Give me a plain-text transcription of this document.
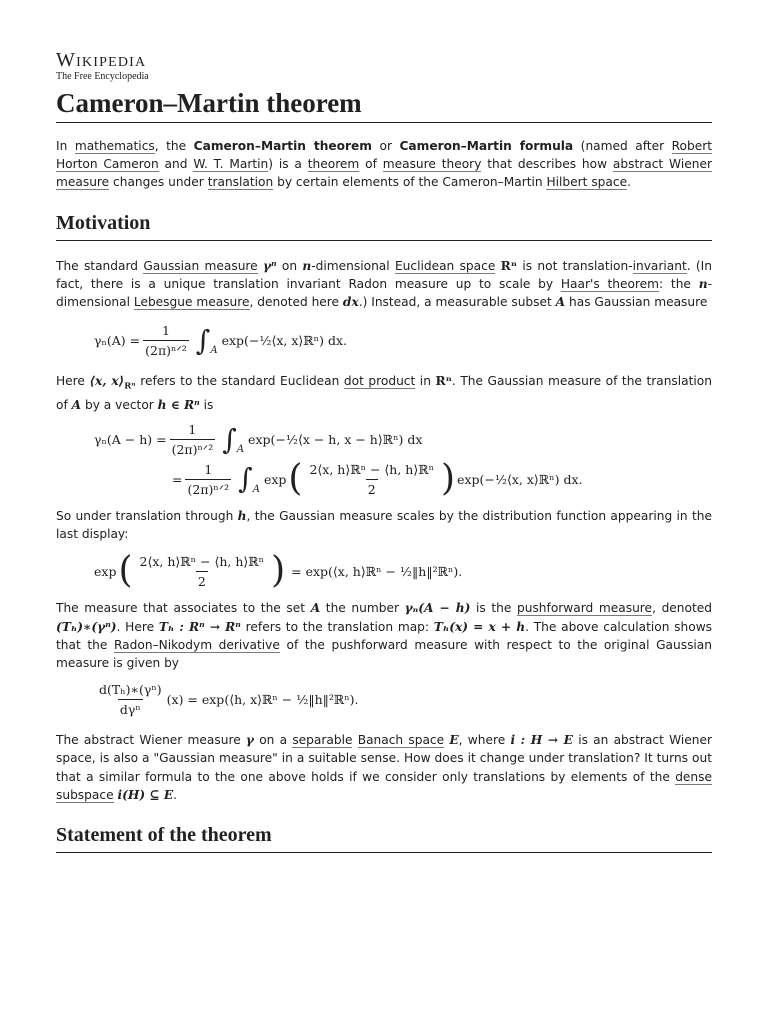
Wikipedia
The Free Encyclopedia
Cameron–Martin theorem

In mathematics, the Cameron–Martin theorem or Cameron–Martin formula (named after Robert Horton Cameron and W. T. Martin) is a theorem of measure theory that describes how abstract Wiener measure changes under translation by certain elements of the Cameron–Martin Hilbert space.

Motivation

The standard Gaussian measure γⁿ on n-dimensional Euclidean space Rⁿ is not translation-invariant. (In fact, there is a unique translation invariant Radon measure up to scale by Haar's theorem: the n-dimensional Lebesgue measure, denoted here dx.) Instead, a measurable subset A has Gaussian measure

$\gamma_n(A) = \frac{1}{\text{(2π)ⁿᐟ²}}$ ∫ A
exp(−½⟨x, x⟩ℝⁿ) dx.

Here ⟨x, $x⟩_{R^n}$ refers to the standard Euclidean dot product in Rⁿ. The Gaussian measure of the translation of A by a vector h ∈ Rⁿ is

$\gamma_n(A - h) = \frac{1}{\text{(2π)ⁿᐟ²}}$ ∫ A
exp(−½⟨x − h, x − h⟩ℝⁿ) dx
= $\frac{1}{\text{(2π)ⁿᐟ²}}$ ∫ A
exp ( $\frac{\text{2⟨x, h⟩ℝⁿ − ⟨h, h⟩ℝⁿ}}{2}$ ) exp(−½⟨x, x⟩ℝⁿ) dx.

So under translation through h, the Gaussian measure scales by the distribution function appearing in the last display:

exp ( $\frac{\text{2⟨x, h⟩ℝⁿ − ⟨h, h⟩ℝⁿ}}{2}$ ) = exp(⟨x, h⟩ℝⁿ − ½‖h‖²ℝⁿ).

The measure that associates to the set A the number γₙ(A − h) is the pushforward measure, denoted (Tₕ)∗(γⁿ). Here Tₕ : Rⁿ → Rⁿ refers to the translation map: Tₕ(x) = x + h. The above calculation shows that the Radon–Nikodym derivative of the pushforward measure with respect to the original Gaussian measure is given by

$\frac{\text{d(Tₕ)∗(γⁿ)}}{\text{dγⁿ}} (x)$ = exp(⟨h, x⟩ℝⁿ − ½‖h‖²ℝⁿ).

The abstract Wiener measure γ on a separable Banach space E, where i : H → E is an abstract Wiener space, is also a "Gaussian measure" in a suitable sense. How does it change under translation? It turns out that a similar formula to the one above holds if we consider only translations by elements of the dense subspace i(H) ⊆ E.

Statement of the theorem
